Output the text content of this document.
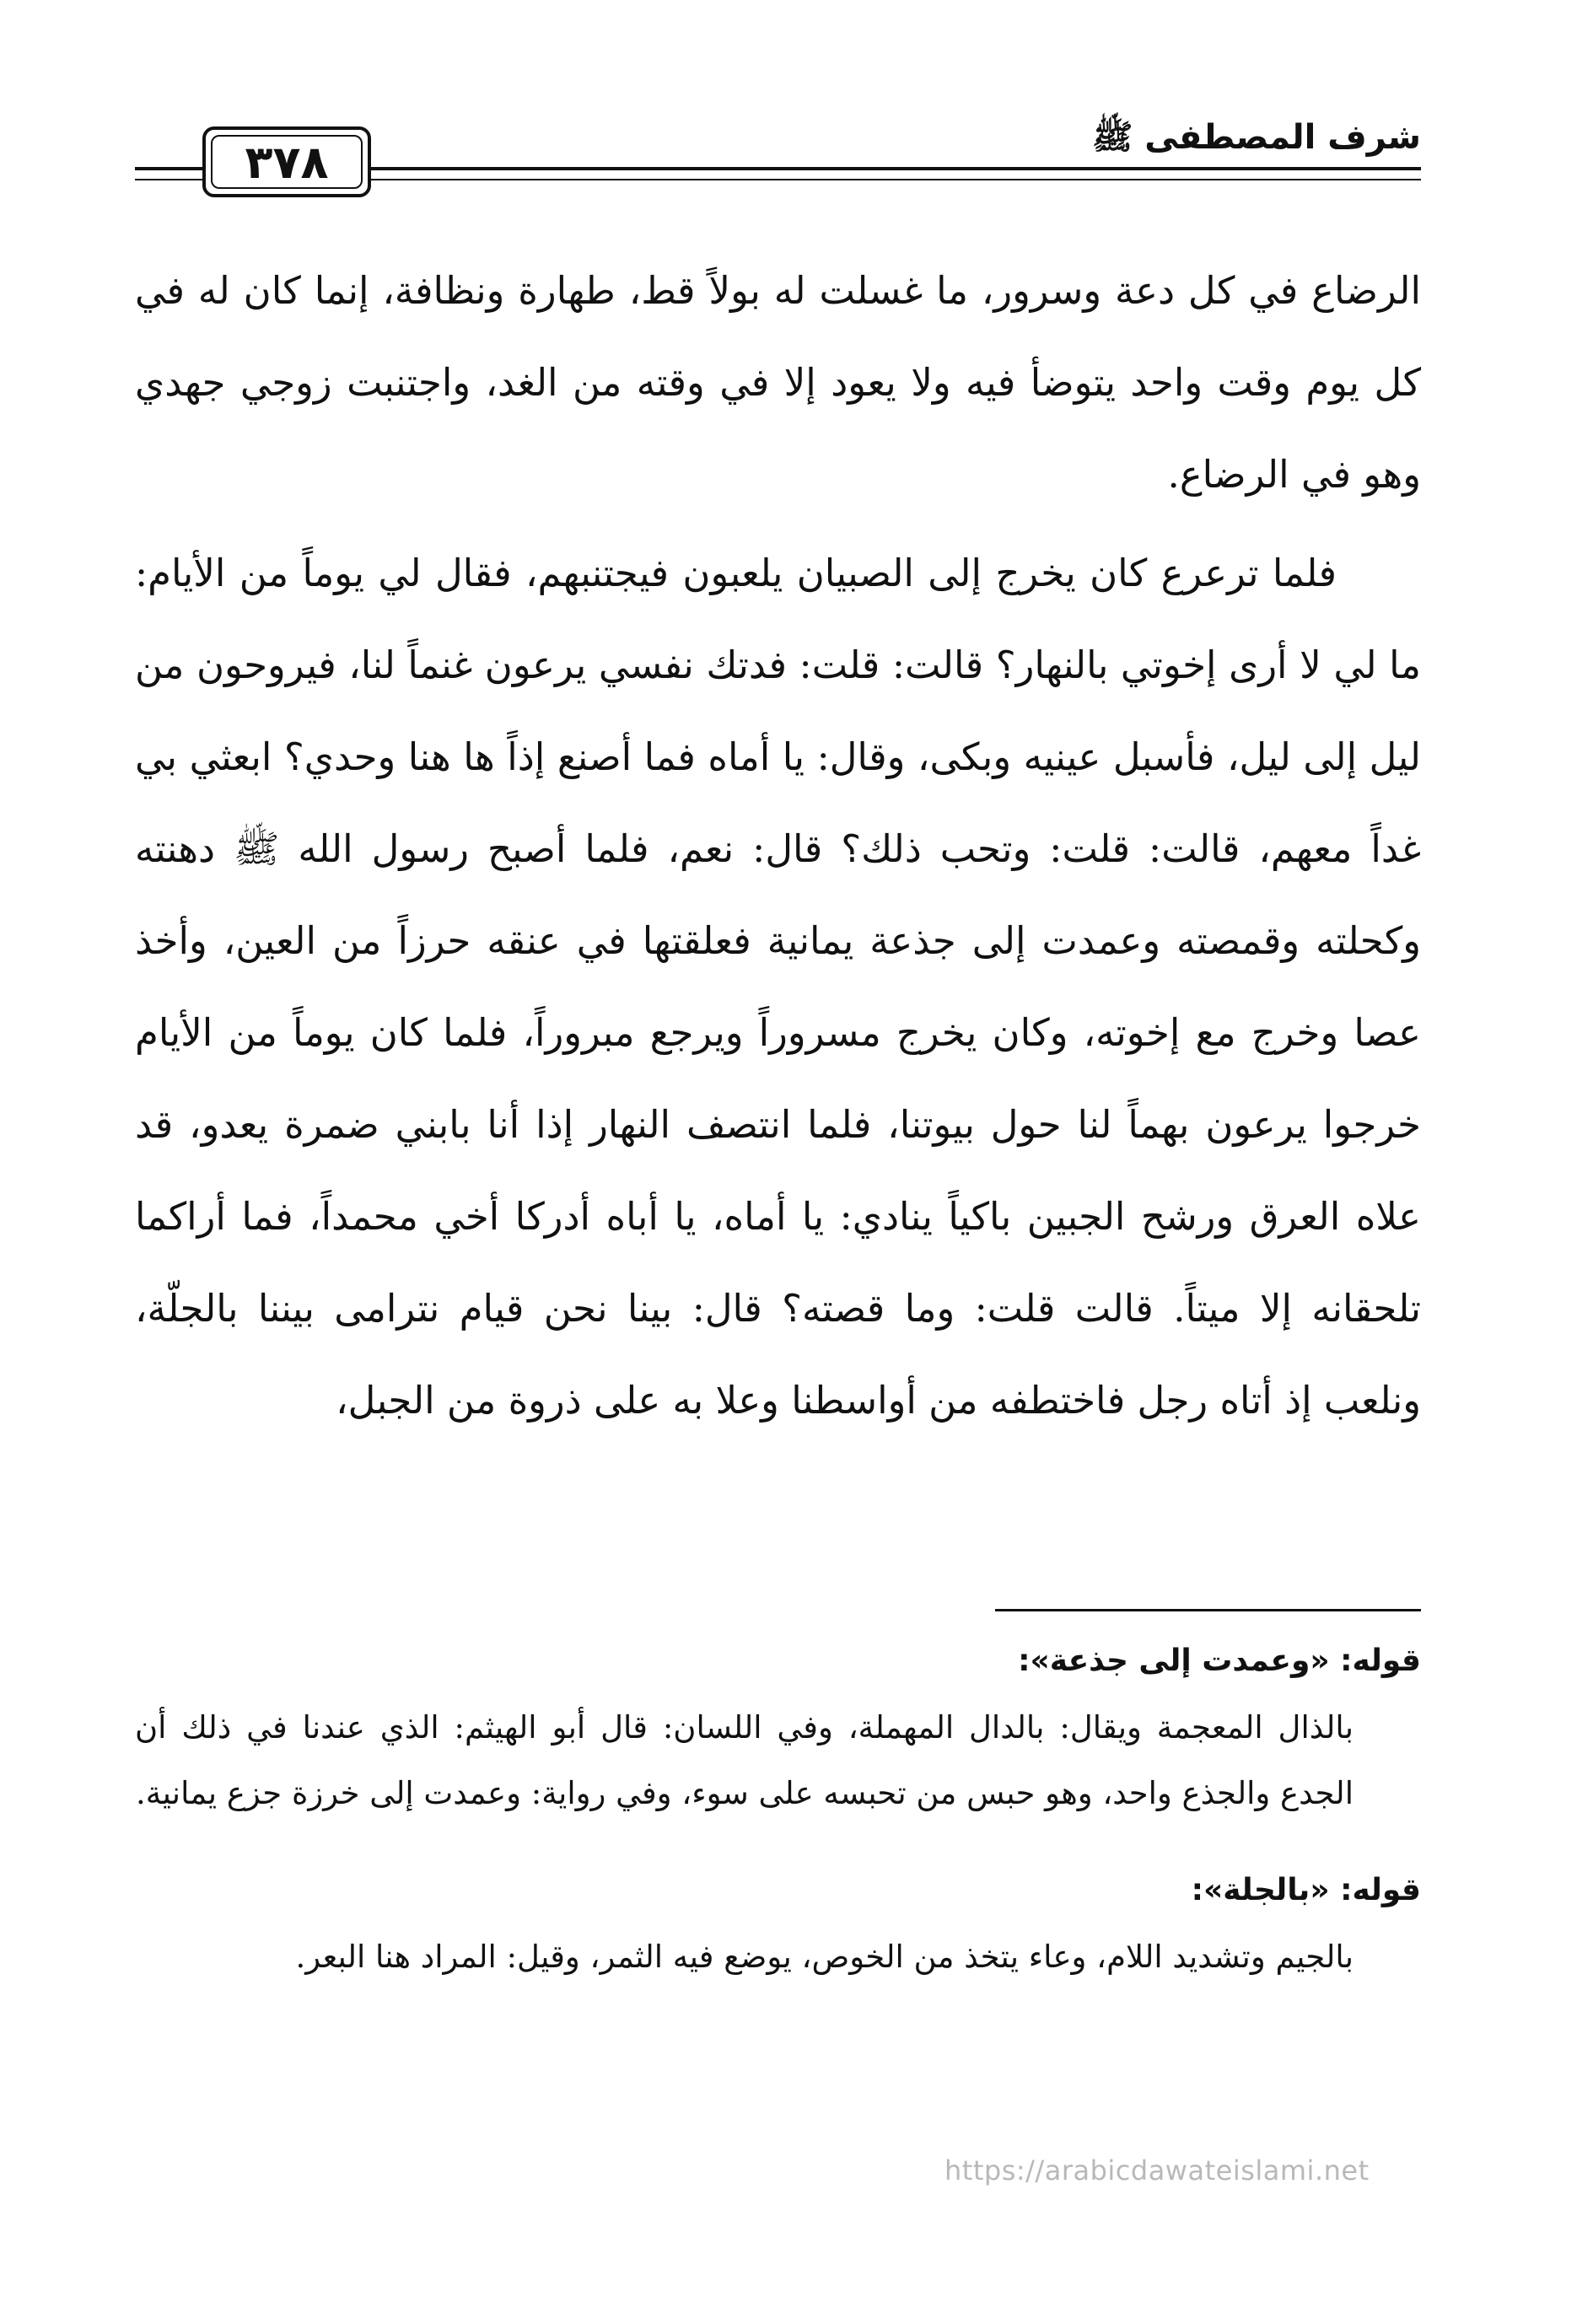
٣٧٨	شرف المصطفى ﷺ

الرضاع في كل دعة وسرور، ما غسلت له بولاً قط، طهارة ونظافة، إنما كان له في كل يوم وقت واحد يتوضأ فيه ولا يعود إلا في وقته من الغد، واجتنبت زوجي جهدي وهو في الرضاع.

فلما ترعرع كان يخرج إلى الصبيان يلعبون فيجتنبهم، فقال لي يوماً من الأيام: ما لي لا أرى إخوتي بالنهار؟ قالت: قلت: فدتك نفسي يرعون غنماً لنا، فيروحون من ليل إلى ليل، فأسبل عينيه وبكى، وقال: يا أماه فما أصنع إذاً ها هنا وحدي؟ ابعثي بي غداً معهم، قالت: قلت: وتحب ذلك؟ قال: نعم، فلما أصبح رسول الله ﷺ دهنته وكحلته وقمصته وعمدت إلى جذعة يمانية فعلقتها في عنقه حرزاً من العين، وأخذ عصا وخرج مع إخوته، وكان يخرج مسروراً ويرجع مبروراً، فلما كان يوماً من الأيام خرجوا يرعون بهماً لنا حول بيوتنا، فلما انتصف النهار إذا أنا بابني ضمرة يعدو، قد علاه العرق ورشح الجبين باكياً ينادي: يا أماه، يا أباه أدركا أخي محمداً، فما أراكما تلحقانه إلا ميتاً. قالت قلت: وما قصته؟ قال: بينا نحن قيام نترامى بيننا بالجلّة، ونلعب إذ أتاه رجل فاختطفه من أواسطنا وعلا به على ذروة من الجبل،

قوله: «وعمدت إلى جذعة»:

بالذال المعجمة ويقال: بالدال المهملة، وفي اللسان: قال أبو الهيثم: الذي عندنا في ذلك أن الجدع والجذع واحد، وهو حبس من تحبسه على سوء، وفي رواية: وعمدت إلى خرزة جزع يمانية.

قوله: «بالجلة»:

بالجيم وتشديد اللام، وعاء يتخذ من الخوص، يوضع فيه الثمر، وقيل: المراد هنا البعر.

https://arabicdawateislami.net
